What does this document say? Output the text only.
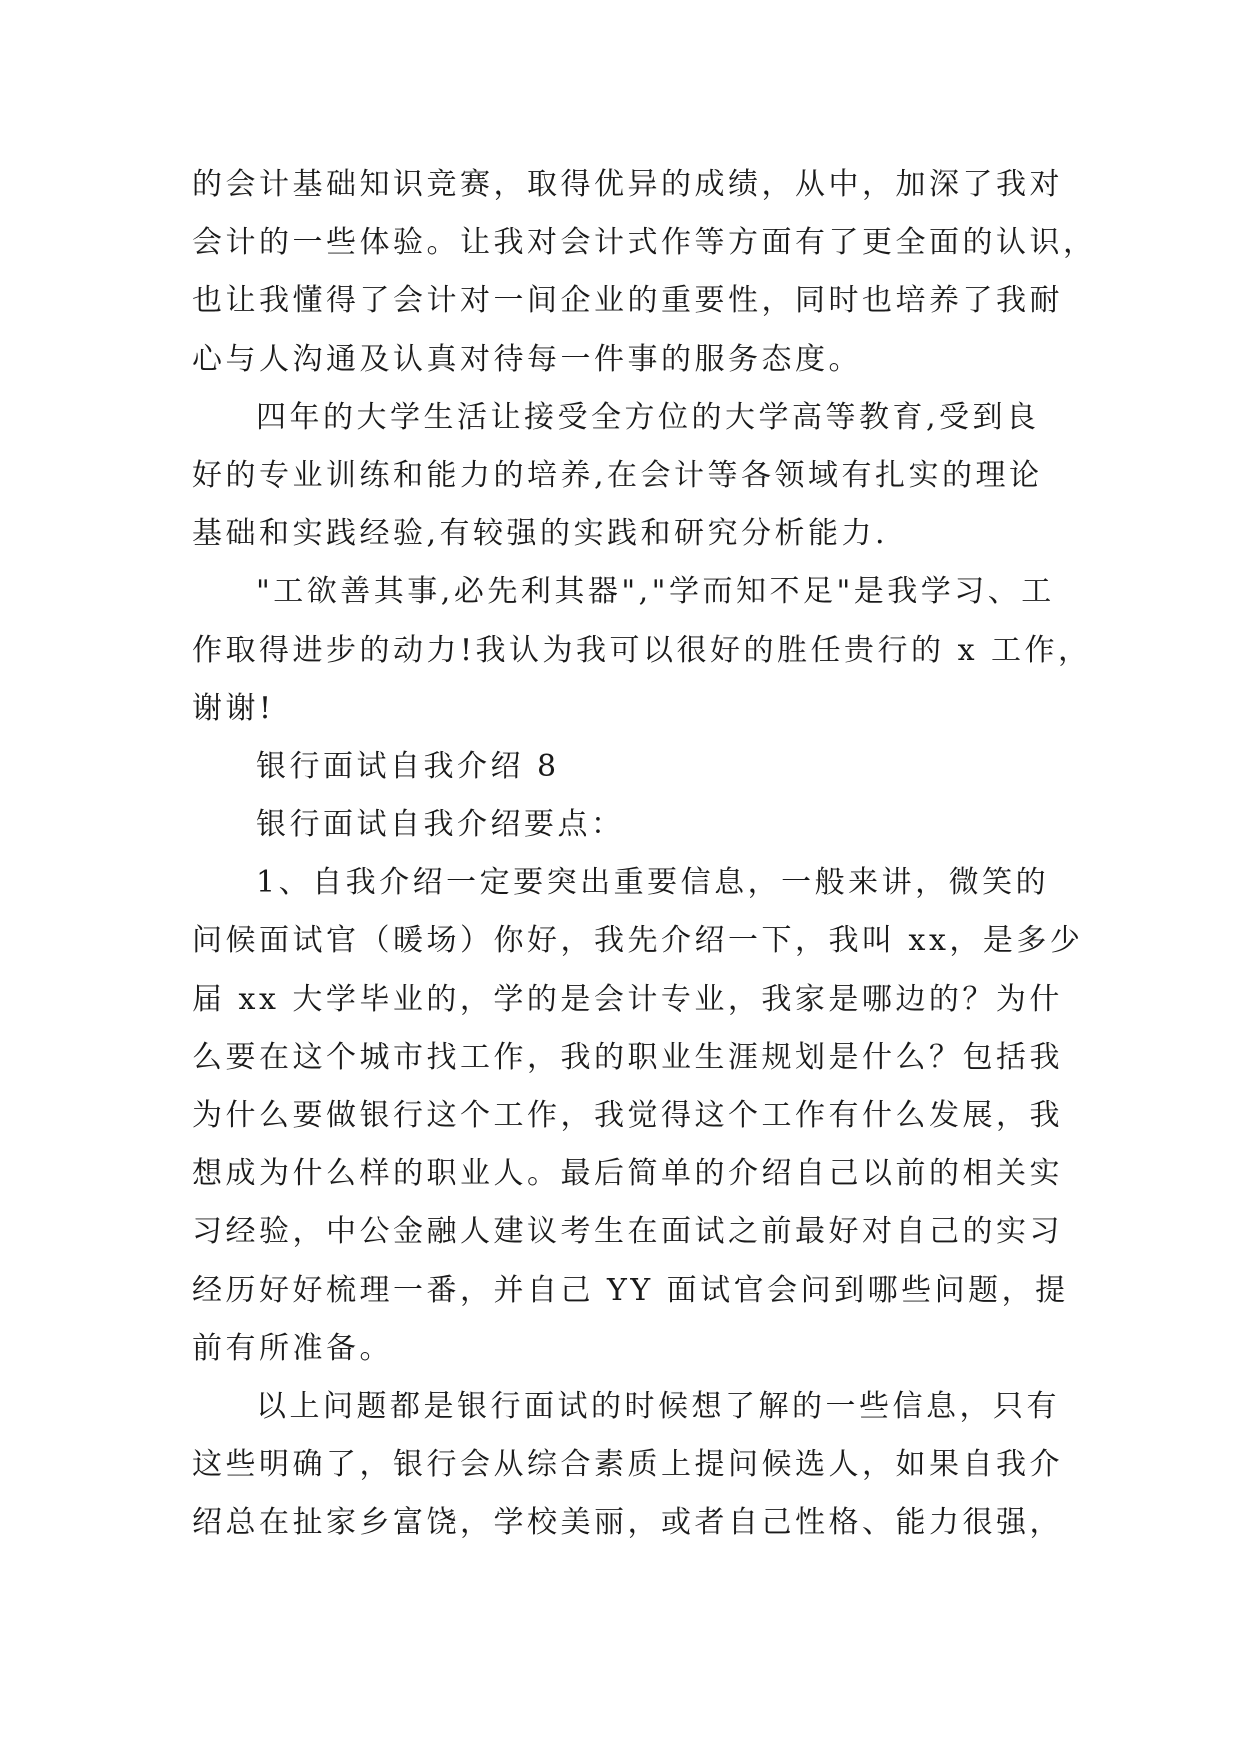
的会计基础知识竞赛，取得优异的成绩，从中，加深了我对
会计的一些体验。让我对会计式作等方面有了更全面的认识，
也让我懂得了会计对一间企业的重要性，同时也培养了我耐
心与人沟通及认真对待每一件事的服务态度。
四年的大学生活让接受全方位的大学高等教育,受到良
好的专业训练和能力的培养,在会计等各领域有扎实的理论
基础和实践经验,有较强的实践和研究分析能力.
"工欲善其事,必先利其器","学而知不足"是我学习、工
作取得进步的动力!我认为我可以很好的胜任贵行的 x 工作，
谢谢!
银行面试自我介绍 8
银行面试自我介绍要点：
1、自我介绍一定要突出重要信息，一般来讲，微笑的
问候面试官（暖场）你好，我先介绍一下，我叫 xx，是多少
届 xx 大学毕业的，学的是会计专业，我家是哪边的？为什
么要在这个城市找工作，我的职业生涯规划是什么？包括我
为什么要做银行这个工作，我觉得这个工作有什么发展，我
想成为什么样的职业人。最后简单的介绍自己以前的相关实
习经验，中公金融人建议考生在面试之前最好对自己的实习
经历好好梳理一番，并自己 YY 面试官会问到哪些问题，提
前有所准备。
以上问题都是银行面试的时候想了解的一些信息，只有
这些明确了，银行会从综合素质上提问候选人，如果自我介
绍总在扯家乡富饶，学校美丽，或者自己性格、能力很强，
